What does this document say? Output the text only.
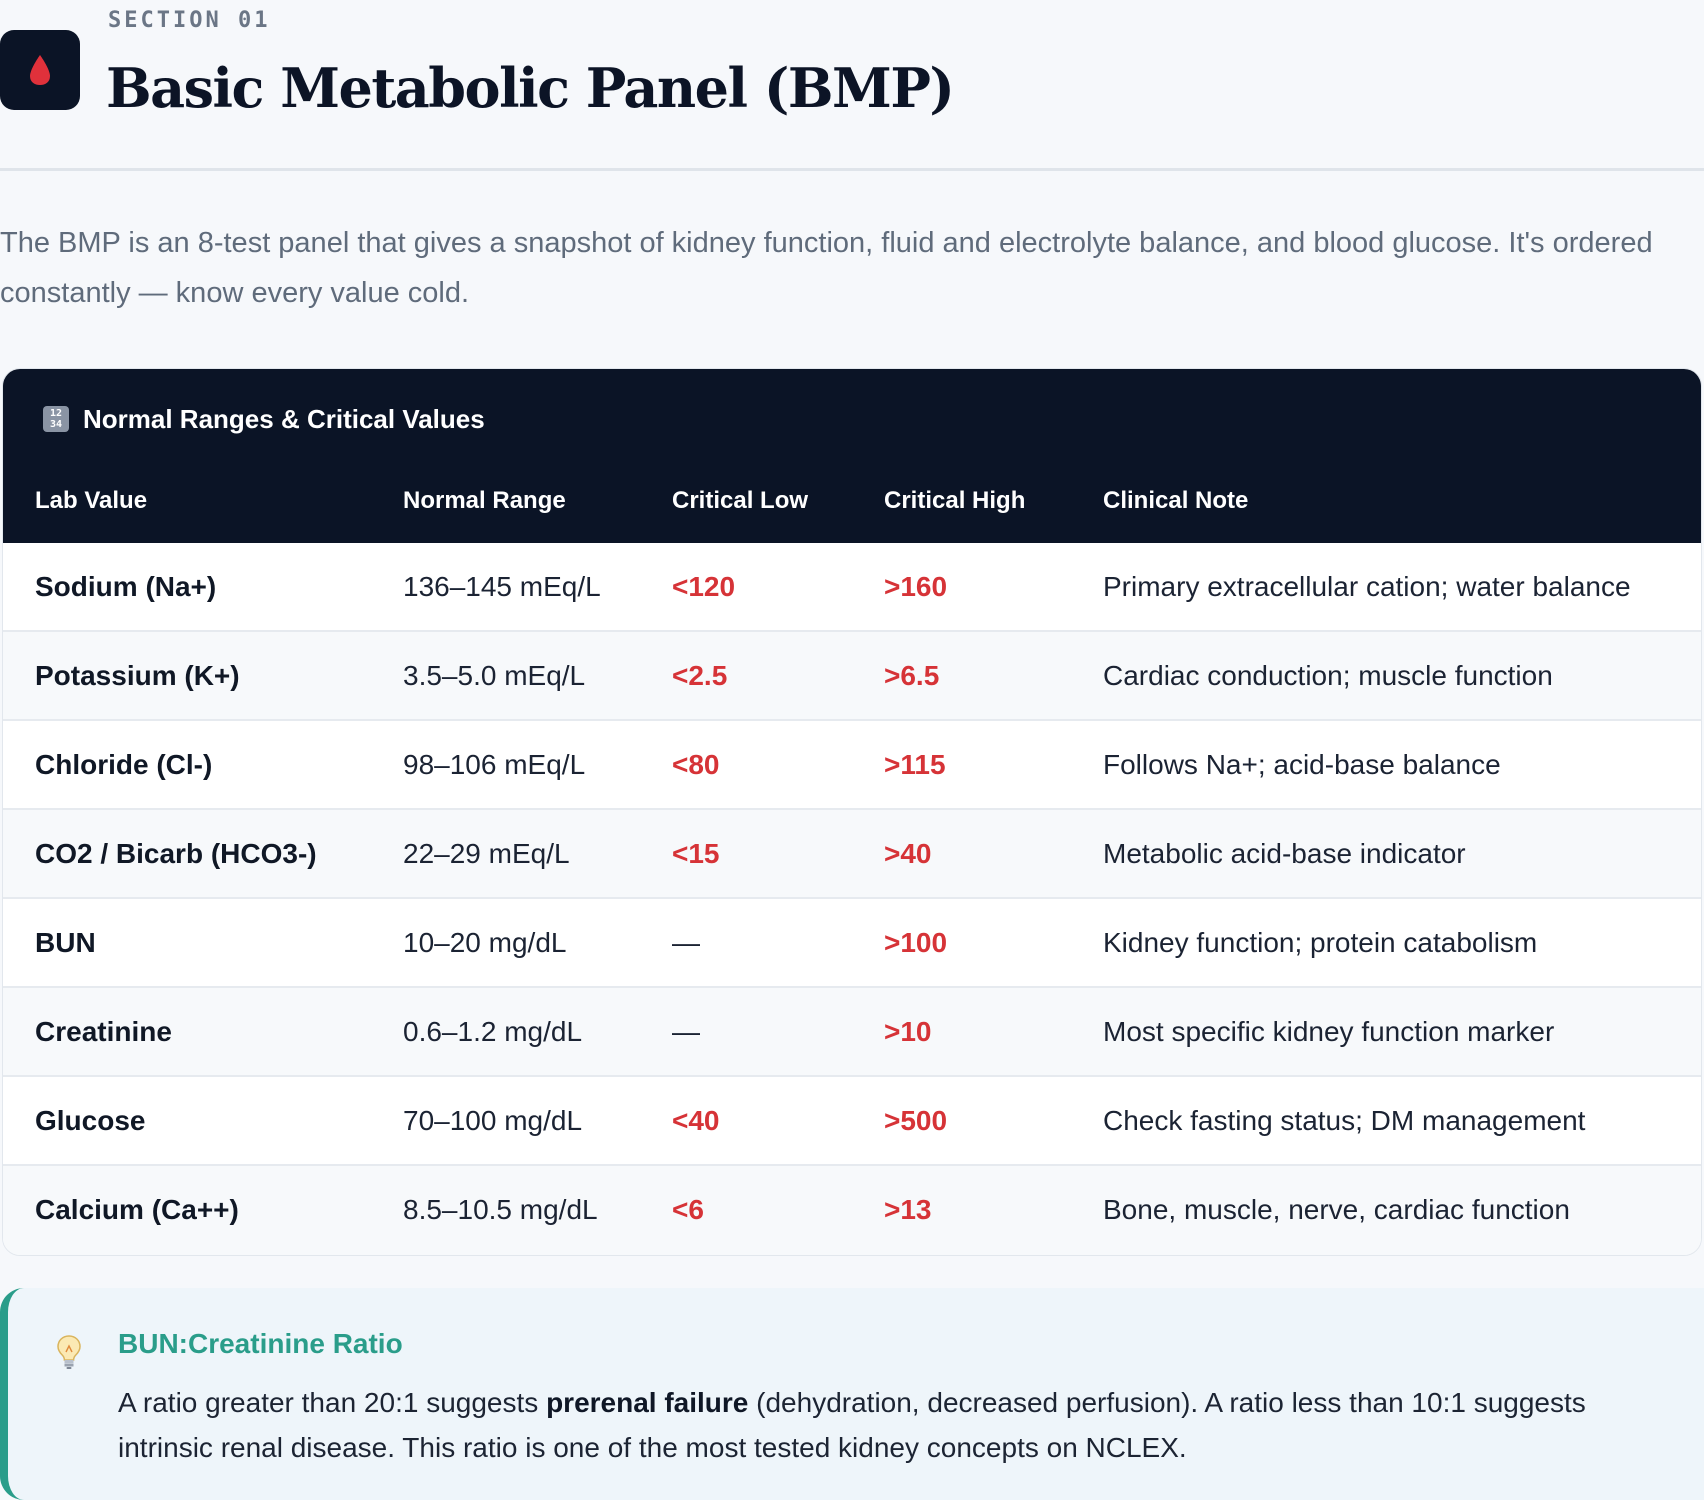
SECTION 01
Basic Metabolic Panel (BMP)
The BMP is an 8-test panel that gives a snapshot of kidney function, fluid and electrolyte balance, and blood glucose. It's ordered constantly — know every value cold.
12
34 Normal Ranges & Critical Values
Lab Value	Normal Range	Critical Low	Critical High	Clinical Note
Sodium (Na+)	136–145 mEq/L	<120	>160	Primary extracellular cation; water balance
Potassium (K+)	3.5–5.0 mEq/L	<2.5	>6.5	Cardiac conduction; muscle function
Chloride (Cl-)	98–106 mEq/L	<80	>115	Follows Na+; acid-base balance
CO2 / Bicarb (HCO3-)	22–29 mEq/L	<15	>40	Metabolic acid-base indicator
BUN	10–20 mg/dL	—	>100	Kidney function; protein catabolism
Creatinine	0.6–1.2 mg/dL	—	>10	Most specific kidney function marker
Glucose	70–100 mg/dL	<40	>500	Check fasting status; DM management
Calcium (Ca++)	8.5–10.5 mg/dL	<6	>13	Bone, muscle, nerve, cardiac function
BUN:Creatinine Ratio
A ratio greater than 20:1 suggests prerenal failure (dehydration, decreased perfusion). A ratio less than 10:1 suggests intrinsic renal disease. This ratio is one of the most tested kidney concepts on NCLEX.
